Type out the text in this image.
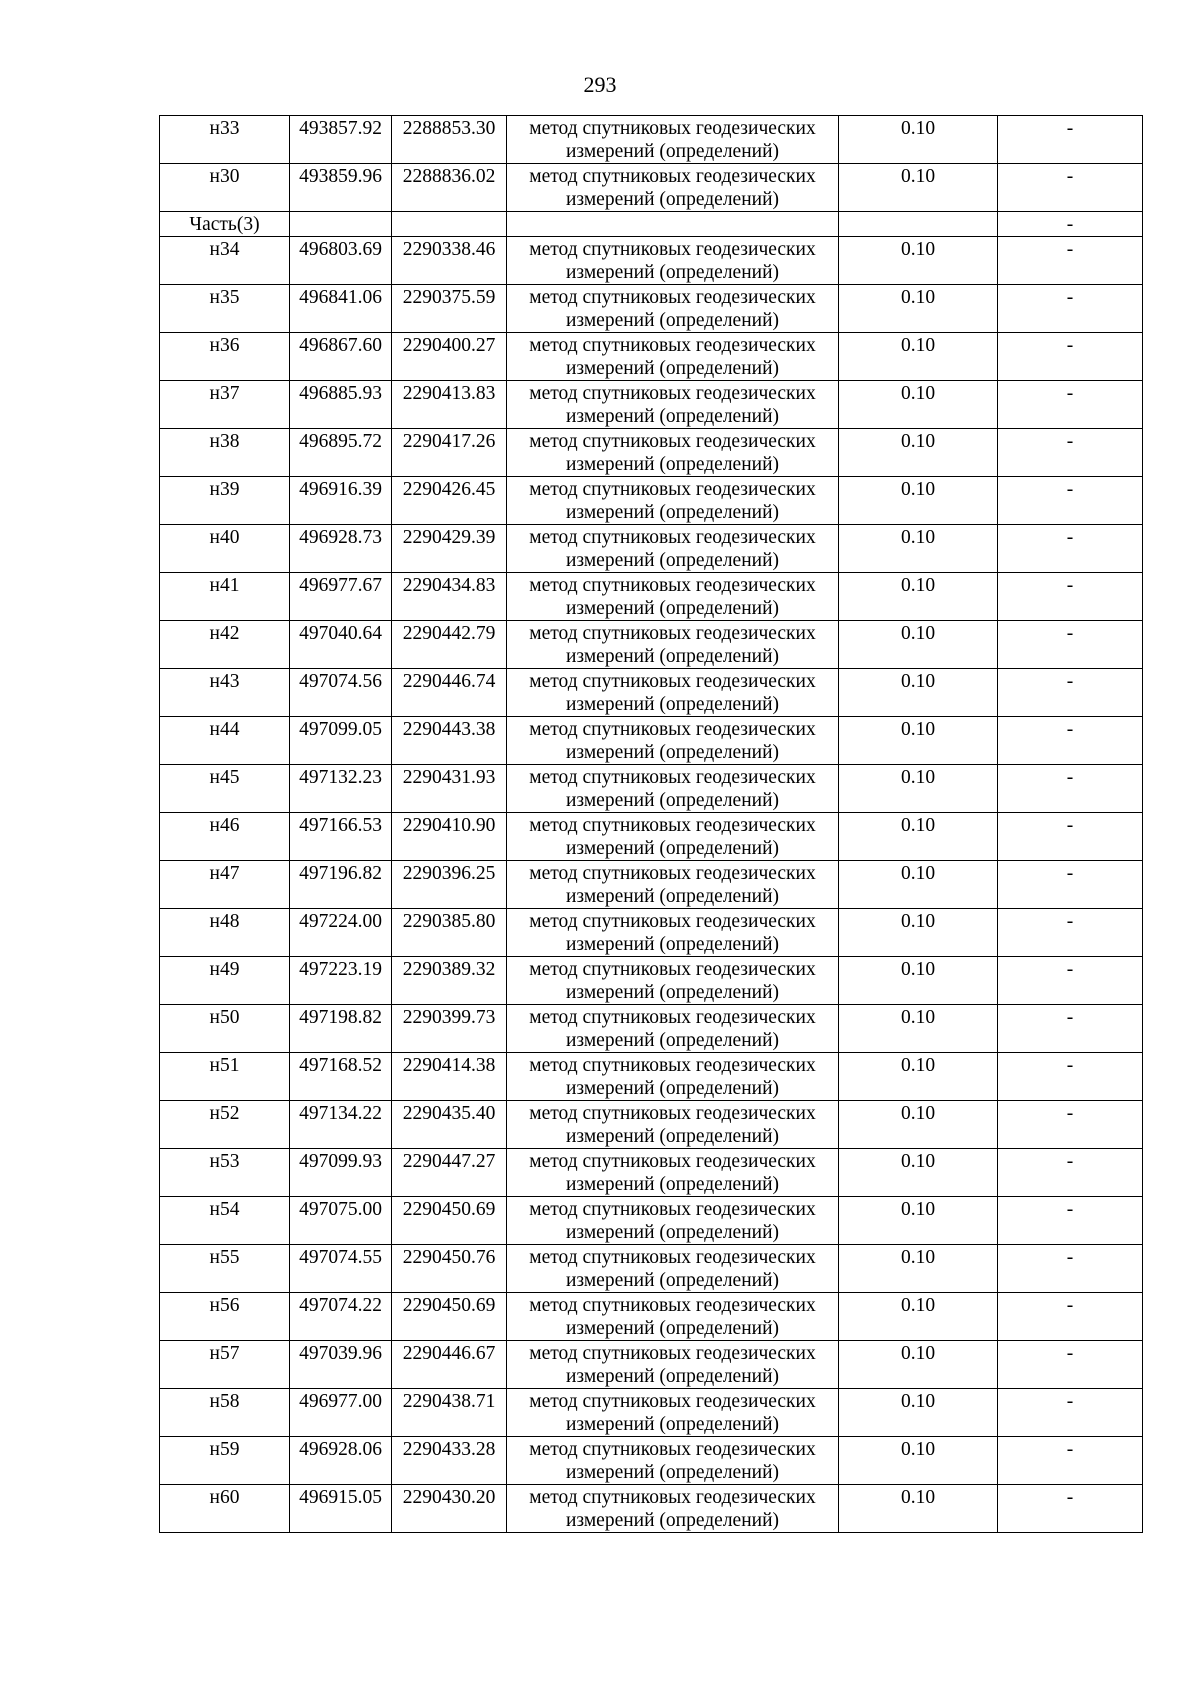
293
н33	493857.92	2288853.30	метод спутниковых геодезических
измерений (определений)	0.10	-
н30	493859.96	2288836.02	метод спутниковых геодезических
измерений (определений)	0.10	-
Часть(3)					-
н34	496803.69	2290338.46	метод спутниковых геодезических
измерений (определений)	0.10	-
н35	496841.06	2290375.59	метод спутниковых геодезических
измерений (определений)	0.10	-
н36	496867.60	2290400.27	метод спутниковых геодезических
измерений (определений)	0.10	-
н37	496885.93	2290413.83	метод спутниковых геодезических
измерений (определений)	0.10	-
н38	496895.72	2290417.26	метод спутниковых геодезических
измерений (определений)	0.10	-
н39	496916.39	2290426.45	метод спутниковых геодезических
измерений (определений)	0.10	-
н40	496928.73	2290429.39	метод спутниковых геодезических
измерений (определений)	0.10	-
н41	496977.67	2290434.83	метод спутниковых геодезических
измерений (определений)	0.10	-
н42	497040.64	2290442.79	метод спутниковых геодезических
измерений (определений)	0.10	-
н43	497074.56	2290446.74	метод спутниковых геодезических
измерений (определений)	0.10	-
н44	497099.05	2290443.38	метод спутниковых геодезических
измерений (определений)	0.10	-
н45	497132.23	2290431.93	метод спутниковых геодезических
измерений (определений)	0.10	-
н46	497166.53	2290410.90	метод спутниковых геодезических
измерений (определений)	0.10	-
н47	497196.82	2290396.25	метод спутниковых геодезических
измерений (определений)	0.10	-
н48	497224.00	2290385.80	метод спутниковых геодезических
измерений (определений)	0.10	-
н49	497223.19	2290389.32	метод спутниковых геодезических
измерений (определений)	0.10	-
н50	497198.82	2290399.73	метод спутниковых геодезических
измерений (определений)	0.10	-
н51	497168.52	2290414.38	метод спутниковых геодезических
измерений (определений)	0.10	-
н52	497134.22	2290435.40	метод спутниковых геодезических
измерений (определений)	0.10	-
н53	497099.93	2290447.27	метод спутниковых геодезических
измерений (определений)	0.10	-
н54	497075.00	2290450.69	метод спутниковых геодезических
измерений (определений)	0.10	-
н55	497074.55	2290450.76	метод спутниковых геодезических
измерений (определений)	0.10	-
н56	497074.22	2290450.69	метод спутниковых геодезических
измерений (определений)	0.10	-
н57	497039.96	2290446.67	метод спутниковых геодезических
измерений (определений)	0.10	-
н58	496977.00	2290438.71	метод спутниковых геодезических
измерений (определений)	0.10	-
н59	496928.06	2290433.28	метод спутниковых геодезических
измерений (определений)	0.10	-
н60	496915.05	2290430.20	метод спутниковых геодезических
измерений (определений)	0.10	-
